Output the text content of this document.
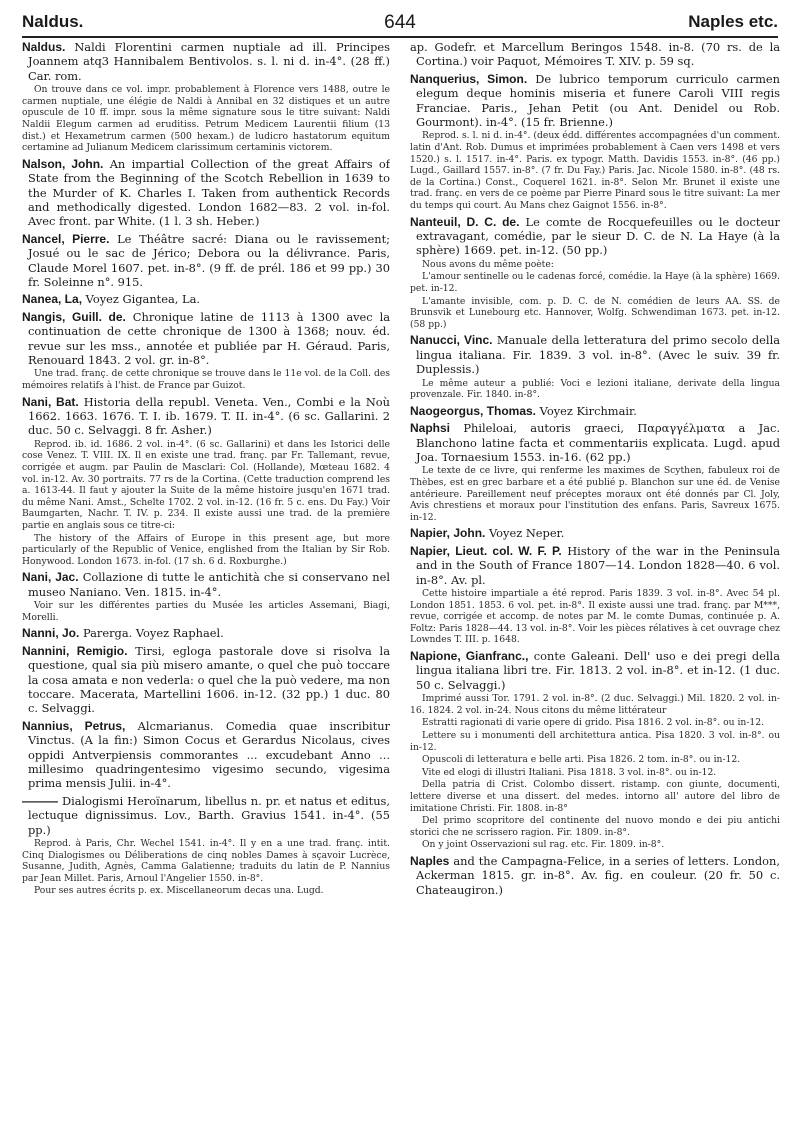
Naldus.	644	Naples etc.

Naldus. Naldi Florentini carmen nuptiale ad ill. Principes Joannem atq3 Hannibalem Bentivolos. s. l. ni d. in-4°. (28 ff.) Car. rom.

On trouve dans ce vol. impr. probablement à Florence vers 1488, outre le carmen nuptiale, une élégie de Naldi à Annibal en 32 distiques et un autre opuscule de 10 ff. impr. sous la même signature sous le titre suivant: Naldi Naldii Elegum carmen ad eruditiss. Petrum Medicem Laurentii filium (13 dist.) et Hexametrum carmen (500 hexam.) de ludicro hastatorum equitum certamine ad Julianum Medicem clarissimum certaminis victorem.

Nalson, John. An impartial Collection of the great Affairs of State from the Beginning of the Scotch Rebellion in 1639 to the Murder of K. Charles I. Taken from authentick Records and methodically digested. London 1682—83. 2 vol. in-fol. Avec front. par White. (1 l. 3 sh. Heber.)

Nancel, Pierre. Le Théâtre sacré: Diana ou le ravissement; Josué ou le sac de Jérico; Debora ou la délivrance. Paris, Claude Morel 1607. pet. in-8°. (9 ff. de prél. 186 et 99 pp.) 30 fr. Soleinne n°. 915.

Nanea, La, Voyez Gigantea, La.

Nangis, Guill. de. Chronique latine de 1113 à 1300 avec la continuation de cette chronique de 1300 à 1368; nouv. éd. revue sur les mss., annotée et publiée par H. Géraud. Paris, Renouard 1843. 2 vol. gr. in-8°.

Une trad. franç. de cette chronique se trouve dans le 11e vol. de la Coll. des mémoires relatifs à l'hist. de France par Guizot.

Nani, Bat. Historia della republ. Veneta. Ven., Combi e la Noù 1662. 1663. 1676. T. I. ib. 1679. T. II. in-4°. (6 sc. Gallarini. 2 duc. 50 c. Selvaggi. 8 fr. Asher.)

Reprod. ib. id. 1686. 2 vol. in-4°. (6 sc. Gallarini) et dans les Istorici delle cose Venez. T. VIII. IX. Il en existe une trad. franç. par Fr. Tallemant, revue, corrigée et augm. par Paulin de Masclari: Col. (Hollande), Mœteau 1682. 4 vol. in-12. Av. 30 portraits. 77 rs de la Cortina. (Cette traduction comprend les a. 1613-44. Il faut y ajouter la Suite de la même histoire jusqu'en 1671 trad. du même Nani. Amst., Schelte 1702. 2 vol. in-12. (16 fr. 5 c. ens. Du Fay.) Voir Baumgarten, Nachr. T. IV. p. 234. Il existe aussi une trad. de la première partie en anglais sous ce titre-ci:

The history of the Affairs of Europe in this present age, but more particularly of the Republic of Venice, englished from the Italian by Sir Rob. Honywood. London 1673. in-fol. (17 sh. 6 d. Roxburghe.)

Nani, Jac. Collazione di tutte le antichità che si conservano nel museo Naniano. Ven. 1815. in-4°.

Voir sur les différentes parties du Musée les articles Assemani, Biagi, Morelli.

Nanni, Jo. Parerga. Voyez Raphael.

Nannini, Remigio. Tirsi, egloga pastorale dove si risolva la questione, qual sia più misero amante, o quel che può toccare la cosa amata e non vederla: o quel che la può vedere, ma non toccare. Macerata, Martellini 1606. in-12. (32 pp.) 1 duc. 80 c. Selvaggi.

Nannius, Petrus, Alcmarianus. Comedia quae inscribitur Vinctus. (A la fin:) Simon Cocus et Gerardus Nicolaus, cives oppidi Antverpiensis commorantes ... excudebant Anno ... millesimo quadringentesimo vigesimo secundo, vigesima prima mensis Julii. in-4°.

——— Dialogismi Heroïnarum, libellus n. pr. et natus et editus, lectuque dignissimus. Lov., Barth. Gravius 1541. in-4°. (55 pp.)

Reprod. à Paris, Chr. Wechel 1541. in-4°. Il y en a une trad. franç. intit. Cinq Dialogismes ou Déliberations de cinq nobles Dames à sçavoir Lucrèce, Susanne, Judith, Agnès, Camma Galatienne; traduits du latin de P. Nannius par Jean Millet. Paris, Arnoul l'Angelier 1550. in-8°.

Pour ses autres écrits p. ex. Miscellaneorum decas una. Lugd.

ap. Godefr. et Marcellum Beringos 1548. in-8. (70 rs. de la Cortina.) voir Paquot, Mémoires T. XIV. p. 59 sq.

Nanquerius, Simon. De lubrico temporum curriculo carmen elegum deque hominis miseria et funere Caroli VIII regis Franciae. Paris., Jehan Petit (ou Ant. Denidel ou Rob. Gourmont). in-4°. (15 fr. Brienne.)

Reprod. s. l. ni d. in-4°. (deux édd. différentes accompagnées d'un comment. latin d'Ant. Rob. Dumus et imprimées probablement à Caen vers 1498 et vers 1520.) s. l. 1517. in-4°. Paris. ex typogr. Matth. Davidis 1553. in-8°. (46 pp.) Lugd., Gaillard 1557. in-8°. (7 fr. Du Fay.) Paris. Jac. Nicole 1580. in-8°. (48 rs. de la Cortina.) Const., Coquerel 1621. in-8°. Selon Mr. Brunet il existe une trad. franç. en vers de ce poème par Pierre Pinard sous le titre suivant: La mer du temps qui court. Au Mans chez Gaignot 1556. in-8°.

Nanteuil, D. C. de. Le comte de Rocquefeuilles ou le docteur extravagant, comédie, par le sieur D. C. de N. La Haye (à la sphère) 1669. pet. in-12. (50 pp.)

Nous avons du même poète:

L'amour sentinelle ou le cadenas forcé, comédie. la Haye (à la sphère) 1669. pet. in-12.

L'amante invisible, com. p. D. C. de N. comédien de leurs AA. SS. de Brunsvik et Lunebourg etc. Hannover, Wolfg. Schwendiman 1673. pet. in-12. (58 pp.)

Nanucci, Vinc. Manuale della letteratura del primo secolo della lingua italiana. Fir. 1839. 3 vol. in-8°. (Avec le suiv. 39 fr. Duplessis.)

Le même auteur a publié: Voci e lezioni italiane, derivate della lingua provenzale. Fir. 1840. in-8°.

Naogeorgus, Thomas. Voyez Kirchmair.

Naphsi Phileloai, autoris graeci, Παραγγέλματα a Jac. Blanchono latine facta et commentariis explicata. Lugd. apud Joa. Tornaesium 1553. in-16. (62 pp.)

Le texte de ce livre, qui renferme les maximes de Scythen, fabuleux roi de Thèbes, est en grec barbare et a été publié p. Blanchon sur une éd. de Venise antérieure. Pareillement neuf préceptes moraux ont été donnés par Cl. Joly, Avis chrestiens et moraux pour l'institution des enfans. Paris, Savreux 1675. in-12.

Napier, John. Voyez Neper.

Napier, Lieut. col. W. F. P. History of the war in the Peninsula and in the South of France 1807—14. London 1828—40. 6 vol. in-8°. Av. pl.

Cette histoire impartiale a été reprod. Paris 1839. 3 vol. in-8°. Avec 54 pl. London 1851. 1853. 6 vol. pet. in-8°. Il existe aussi une trad. franç. par M***, revue, corrigée et accomp. de notes par M. le comte Dumas, continuée p. A. Foltz: Paris 1828—44. 13 vol. in-8°. Voir les pièces rélatives à cet ouvrage chez Lowndes T. III. p. 1648.

Napione, Gianfranc., conte Galeani. Dell' uso e dei pregi della lingua italiana libri tre. Fir. 1813. 2 vol. in-8°. et in-12. (1 duc. 50 c. Selvaggi.)

Imprimé aussi Tor. 1791. 2 vol. in-8°. (2 duc. Selvaggi.) Mil. 1820. 2 vol. in-16. 1824. 2 vol. in-24. Nous citons du même littérateur

Estratti ragionati di varie opere di grido. Pisa 1816. 2 vol. in-8°. ou in-12.

Lettere su i monumenti dell architettura antica. Pisa 1820. 3 vol. in-8°. ou in-12.

Opuscoli di letteratura e belle arti. Pisa 1826. 2 tom. in-8°. ou in-12.

Vite ed elogi di illustri Italiani. Pisa 1818. 3 vol. in-8°. ou in-12.

Della patria di Crist. Colombo dissert. ristamp. con giunte, documenti, lettere diverse et una dissert. del medes. intorno all' autore del libro de imitatione Christi. Fir. 1808. in-8°

Del primo scopritore del continente del nuovo mondo e dei piu antichi storici che ne scrissero ragion. Fir. 1809. in-8°.

On y joint Osservazioni sul rag. etc. Fir. 1809. in-8°.

Naples and the Campagna-Felice, in a series of letters. London, Ackerman 1815. gr. in-8°. Av. fig. en couleur. (20 fr. 50 c. Chateaugiron.)
